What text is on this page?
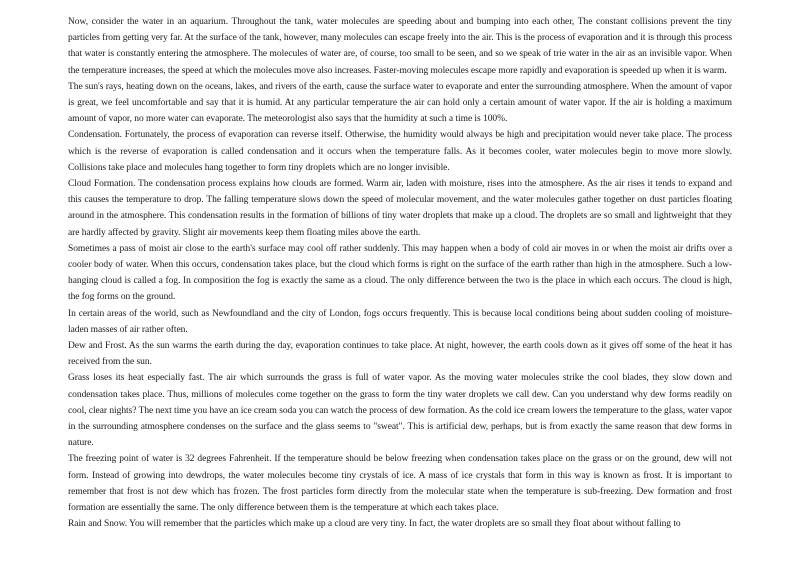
Now, consider the water in an aquarium. Throughout the tank, water molecules are speeding about and bumping into each other, The constant collisions prevent the tiny particles from getting very far. At the surface of the tank, however, many molecules can escape freely into the air. This is the process of evaporation and it is through this process that water is constantly entering the atmosphere. The molecules of water are, of course, too small to be seen, and so we speak of trie water in the air as an invisible vapor. When the temperature increases, the speed at which the molecules move also increases. Faster-moving molecules escape more rapidly and evaporation is speeded up when it is warm.

The sun's rays, heating down on the oceans, lakes, and rivers of the earth, cause the surface water to evaporate and enter the surrounding atmosphere. When the amount of vapor is great, we feel uncomfortable and say that it is humid. At any particular temperature the air can hold only a certain amount of water vapor. If the air is holding a maximum amount of vapor, no more water can evaporate. The meteorologist also says that the humidity at such a time is 100%.

Condensation. Fortunately, the process of evaporation can reverse itself. Otherwise, the humidity would always be high and precipitation would never take place. The process which is the reverse of evaporation is called condensation and it occurs when the temperature falls. As it becomes cooler, water molecules begin to move more slowly. Collisions take place and molecules hang together to form tiny droplets which are no longer invisible.

Cloud Formation. The condensation process explains how clouds are formed. Warm air, laden with moisture, rises into the atmosphere. As the air rises it tends to expand and this causes the temperature to drop. The falling temperature slows down the speed of molecular movement, and the water molecules gather together on dust particles floating around in the atmosphere. This condensation results in the formation of billions of tiny water droplets that make up a cloud. The droplets are so small and lightweight that they are hardly affected by gravity. Slight air movements keep them floating miles above the earth.

Sometimes a pass of moist air close to the earth's surface may cool off rather suddenly. This may happen when a body of cold air moves in or when the moist air drifts over a cooler body of water. When this occurs, condensation takes place, but the cloud which forms is right on the surface of the earth rather than high in the atmosphere. Such a low-hanging cloud is called a fog. In composition the fog is exactly the same as a cloud. The only difference between the two is the place in which each occurs. The cloud is high, the fog forms on the ground.

In certain areas of the world, such as Newfoundland and the city of London, fogs occurs frequently. This is because local conditions being about sudden cooling of moisture-laden masses of air rather often.

Dew and Frost. As the sun warms the earth during the day, evaporation continues to take place. At night, however, the earth cools down as it gives off some of the heat it has received from the sun.

Grass loses its heat especially fast. The air which surrounds the grass is full of water vapor. As the moving water molecules strike the cool blades, they slow down and condensation takes place. Thus, millions of molecules come together on the grass to form the tiny water droplets we call dew. Can you understand why dew forms readily on cool, clear nights? The next time you have an ice cream soda you can watch the process of dew formation. As the cold ice cream lowers the temperature to the glass, water vapor in the surrounding atmosphere condenses on the surface and the glass seems to "sweat". This is artificial dew, perhaps, but is from exactly the same reason that dew forms in nature.

The freezing point of water is 32 degrees Fahrenheit. If the temperature should be below freezing when condensation takes place on the grass or on the ground, dew will not form. Instead of growing into dewdrops, the water molecules become tiny crystals of ice. A mass of ice crystals that form in this way is known as frost. It is important to remember that frost is not dew which has frozen. The frost particles form directly from the molecular state when the temperature is sub-freezing. Dew formation and frost formation are essentially the same. The only difference between them is the temperature at which each takes place.

Rain and Snow. You will remember that the particles which make up a cloud are very tiny. In fact, the water droplets are so small they float about without falling to
